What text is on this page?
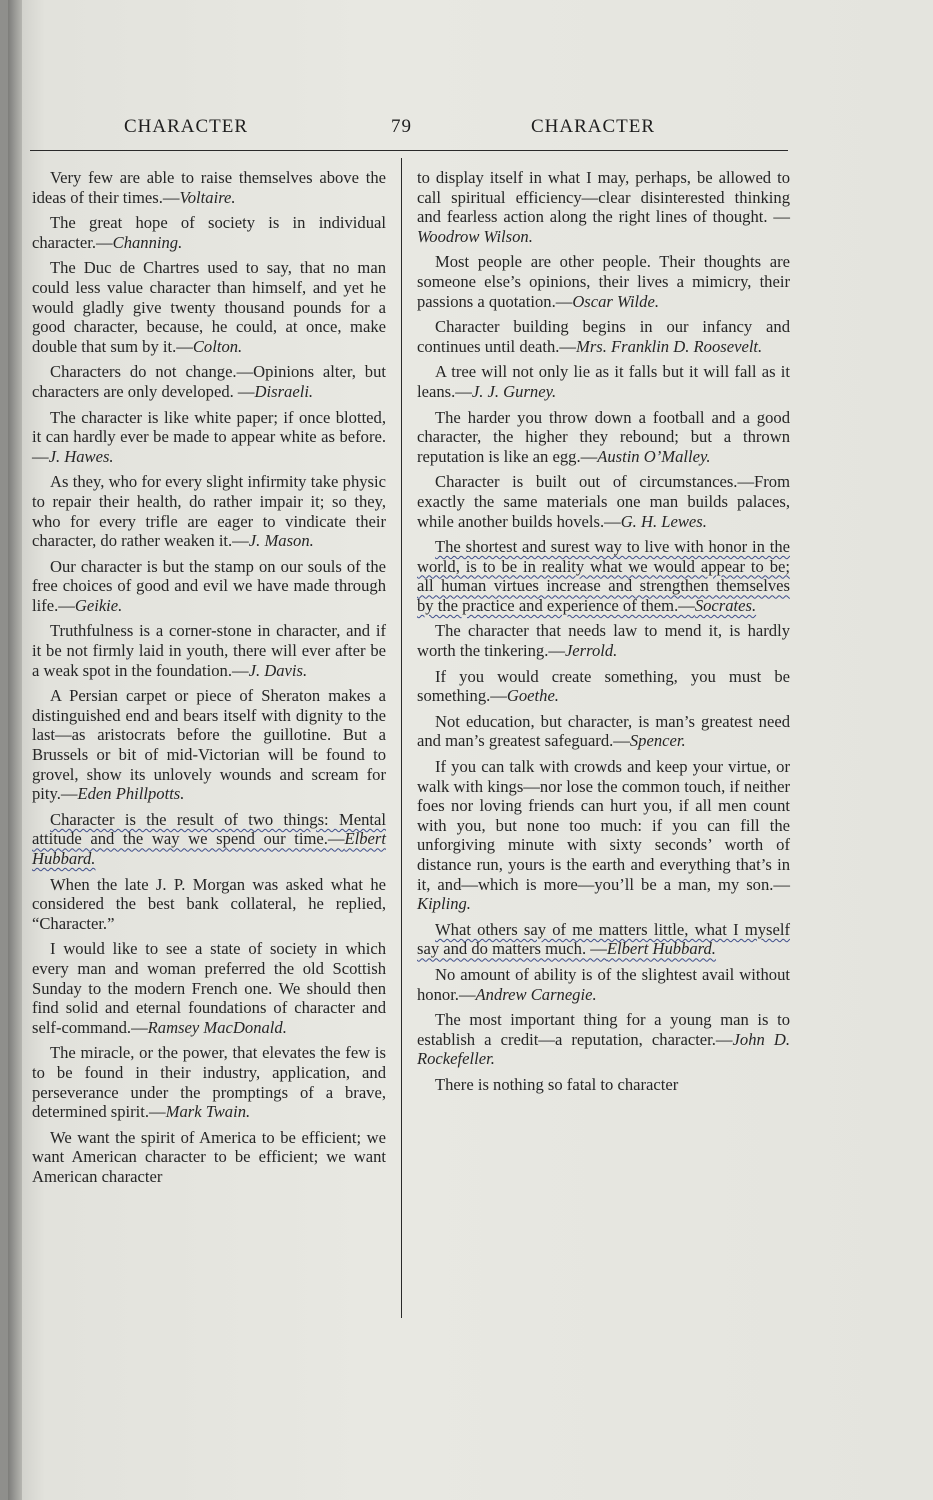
CHARACTER	79	CHARACTER

Very few are able to raise themselves above the ideas of their times.—Voltaire.

The great hope of society is in individual character.—Channing.

The Duc de Chartres used to say, that no man could less value character than himself, and yet he would gladly give twenty thousand pounds for a good character, because, he could, at once, make double that sum by it.—Colton.

Characters do not change.—Opinions alter, but characters are only developed. —Disraeli.

The character is like white paper; if once blotted, it can hardly ever be made to appear white as before.—J. Hawes.

As they, who for every slight infirmity take physic to repair their health, do rather impair it; so they, who for every trifle are eager to vindicate their character, do rather weaken it.—J. Mason.

Our character is but the stamp on our souls of the free choices of good and evil we have made through life.—Geikie.

Truthfulness is a corner-stone in character, and if it be not firmly laid in youth, there will ever after be a weak spot in the foundation.—J. Davis.

A Persian carpet or piece of Sheraton makes a distinguished end and bears itself with dignity to the last—as aristocrats before the guillotine. But a Brussels or bit of mid-Victorian will be found to grovel, show its unlovely wounds and scream for pity.—Eden Phillpotts.

Character is the result of two things: Mental attitude and the way we spend our time.—Elbert Hubbard.

When the late J. P. Morgan was asked what he considered the best bank collateral, he replied, “Character.”

I would like to see a state of society in which every man and woman preferred the old Scottish Sunday to the modern French one. We should then find solid and eternal foundations of character and self-command.—Ramsey MacDonald.

The miracle, or the power, that elevates the few is to be found in their industry, application, and perseverance under the promptings of a brave, determined spirit.—Mark Twain.

We want the spirit of America to be efficient; we want American character to be efficient; we want American character

to display itself in what I may, perhaps, be allowed to call spiritual efficiency—clear disinterested thinking and fearless action along the right lines of thought. —Woodrow Wilson.

Most people are other people. Their thoughts are someone else’s opinions, their lives a mimicry, their passions a quotation.—Oscar Wilde.

Character building begins in our infancy and continues until death.—Mrs. Franklin D. Roosevelt.

A tree will not only lie as it falls but it will fall as it leans.—J. J. Gurney.

The harder you throw down a football and a good character, the higher they rebound; but a thrown reputation is like an egg.—Austin O’Malley.

Character is built out of circumstances.—From exactly the same materials one man builds palaces, while another builds hovels.—G. H. Lewes.

The shortest and surest way to live with honor in the world, is to be in reality what we would appear to be; all human virtues increase and strengthen themselves by the practice and experience of them.—Socrates.

The character that needs law to mend it, is hardly worth the tinkering.—Jerrold.

If you would create something, you must be something.—Goethe.

Not education, but character, is man’s greatest need and man’s greatest safeguard.—Spencer.

If you can talk with crowds and keep your virtue, or walk with kings—nor lose the common touch, if neither foes nor loving friends can hurt you, if all men count with you, but none too much: if you can fill the unforgiving minute with sixty seconds’ worth of distance run, yours is the earth and everything that’s in it, and—which is more—you’ll be a man, my son.—Kipling.

What others say of me matters little, what I myself say and do matters much. —Elbert Hubbard.

No amount of ability is of the slightest avail without honor.—Andrew Carnegie.

The most important thing for a young man is to establish a credit—a reputation, character.—John D. Rockefeller.

There is nothing so fatal to character
